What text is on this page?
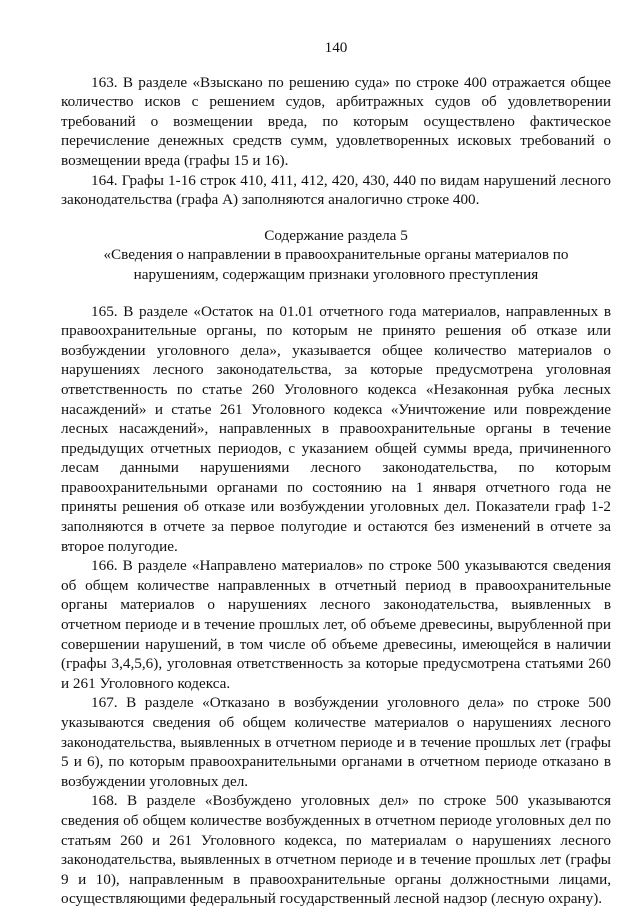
140

163. В разделе «Взыскано по решению суда» по строке 400 отражается общее количество исков с решением судов, арбитражных судов об удовлетворении требований о возмещении вреда, по которым осуществлено фактическое перечисление денежных средств сумм, удовлетворенных исковых требований о возмещении вреда (графы 15 и 16).

164. Графы 1-16 строк 410, 411, 412, 420, 430, 440 по видам нарушений лесного законодательства (графа А) заполняются аналогично строке 400.

Содержание раздела 5
«Сведения о направлении в правоохранительные органы материалов по нарушениям, содержащим признаки уголовного преступления

165. В разделе «Остаток на 01.01 отчетного года материалов, направленных в правоохранительные органы, по которым не принято решения об отказе или возбуждении уголовного дела», указывается общее количество материалов о нарушениях лесного законодательства, за которые предусмотрена уголовная ответственность по статье 260 Уголовного кодекса «Незаконная рубка лесных насаждений» и статье 261 Уголовного кодекса «Уничтожение или повреждение лесных насаждений», направленных в правоохранительные органы в течение предыдущих отчетных периодов, с указанием общей суммы вреда, причиненного лесам данными нарушениями лесного законодательства, по которым правоохранительными органами по состоянию на 1 января отчетного года не приняты решения об отказе или возбуждении уголовных дел. Показатели граф 1-2 заполняются в отчете за первое полугодие и остаются без изменений в отчете за второе полугодие.

166. В разделе «Направлено материалов» по строке 500 указываются сведения об общем количестве направленных в отчетный период в правоохранительные органы материалов о нарушениях лесного законодательства, выявленных в отчетном периоде и в течение прошлых лет, об объеме древесины, вырубленной при совершении нарушений, в том числе об объеме древесины, имеющейся в наличии (графы 3,4,5,6), уголовная ответственность за которые предусмотрена статьями 260 и 261 Уголовного кодекса.

167. В разделе «Отказано в возбуждении уголовного дела» по строке 500 указываются сведения об общем количестве материалов о нарушениях лесного законодательства, выявленных в отчетном периоде и в течение прошлых лет (графы 5 и 6), по которым правоохранительными органами в отчетном периоде отказано в возбуждении уголовных дел.

168. В разделе «Возбуждено уголовных дел» по строке 500 указываются сведения об общем количестве возбужденных в отчетном периоде уголовных дел по статьям 260 и 261 Уголовного кодекса, по материалам о нарушениях лесного законодательства, выявленных в отчетном периоде и в течение прошлых лет (графы 9 и 10), направленным в правоохранительные органы должностными лицами, осуществляющими федеральный государственный лесной надзор (лесную охрану).
